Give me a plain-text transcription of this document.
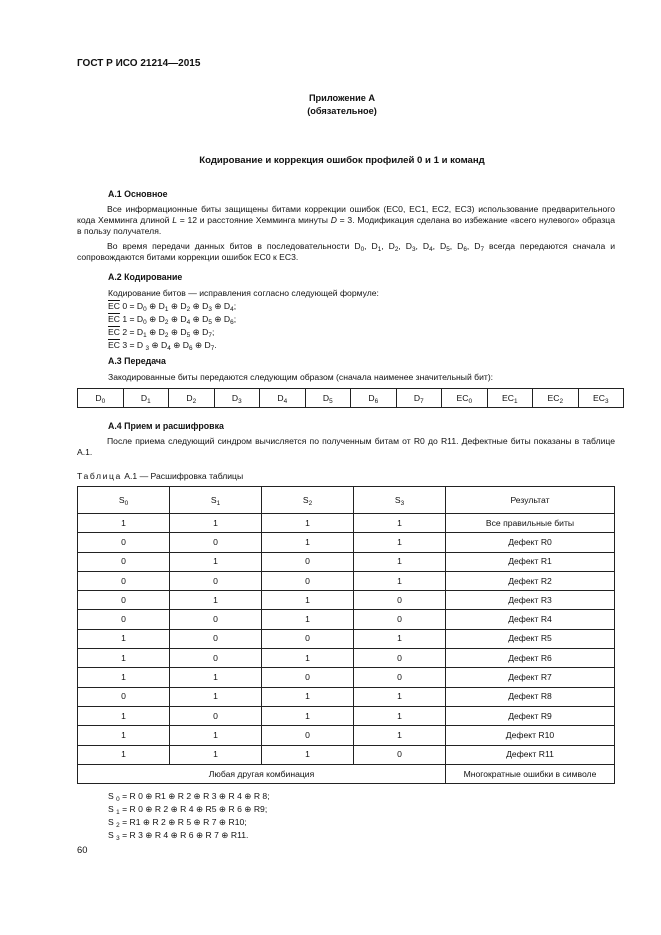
ГОСТ Р ИСО 21214—2015
Приложение А
(обязательное)
Кодирование и коррекция ошибок профилей 0 и 1 и команд
A.1 Основное
Все информационные биты защищены битами коррекции ошибок (EC0, EC1, EC2, EC3) использование предварительного кода Хемминга длиной L = 12 и расстояние Хемминга минуты D = 3. Модификация сделана во избежание «всего нулевого» образца в пользу получателя.
Во время передачи данных битов в последовательности $D_0$, $D_1$, $D_2$, $D_3$, $D_4$, $D_5$, $D_6$, $D_7$ всегда передаются сначала и сопровождаются битами коррекции ошибок EC0 к EC3.
A.2 Кодирование
Кодирование битов — исправления согласно следующей формуле:
$\overline{EC}$ $0 = D_0$ ⊕ $D_1$ ⊕ $D_2$ ⊕ $D_3$ ⊕ $D_4$;
$\overline{EC}$ $1 = D_0$ ⊕ $D_2$ ⊕ $D_4$ ⊕ $D_5$ ⊕ $D_6$;
$\overline{EC}$ $2 = D_1$ ⊕ $D_2$ ⊕ $D_5$ ⊕ $D_7$;
$\overline{EC}$ 3 = D $_3$ ⊕ $D_4$ ⊕ $D_6$ ⊕ $D_7$.
A.3 Передача
Закодированные биты передаются следующим образом (сначала наименее значительный бит):
$D_0$	$D_1$	$D_2$	$D_3$	$D_4$	$D_5$	$D_6$	$D_7$	$EC_0$	$EC_1$	$EC_2$	$EC_3$
A.4 Прием и расшифровка
После приема следующий синдром вычисляется по полученным битам от R0 до R11. Дефектные биты показаны в таблице A.1.
Таблица A.1 — Расшифровка таблицы
$S_0$	$S_1$	$S_2$	$S_3$	Результат
1	1	1	1	Все правильные биты
0	0	1	1	Дефект R0
0	1	0	1	Дефект R1
0	0	0	1	Дефект R2
0	1	1	0	Дефект R3
0	0	1	0	Дефект R4
1	0	0	1	Дефект R5
1	0	1	0	Дефект R6
1	1	0	0	Дефект R7
0	1	1	1	Дефект R8
1	0	1	1	Дефект R9
1	1	0	1	Дефект R10
1	1	1	0	Дефект R11
Любая другая комбинация				Многократные ошибки в символе
S $_0$ = R 0 ⊕ R1 ⊕ R 2 ⊕ R 3 ⊕ R 4 ⊕ R 8;
S $_1$ = R 0 ⊕ R 2 ⊕ R 4 ⊕ R5 ⊕ R 6 ⊕ R9;
S $_2$ = R1 ⊕ R 2 ⊕ R 5 ⊕ R 7 ⊕ R10;
S $_3$ = R 3 ⊕ R 4 ⊕ R 6 ⊕ R 7 ⊕ R11.
60
